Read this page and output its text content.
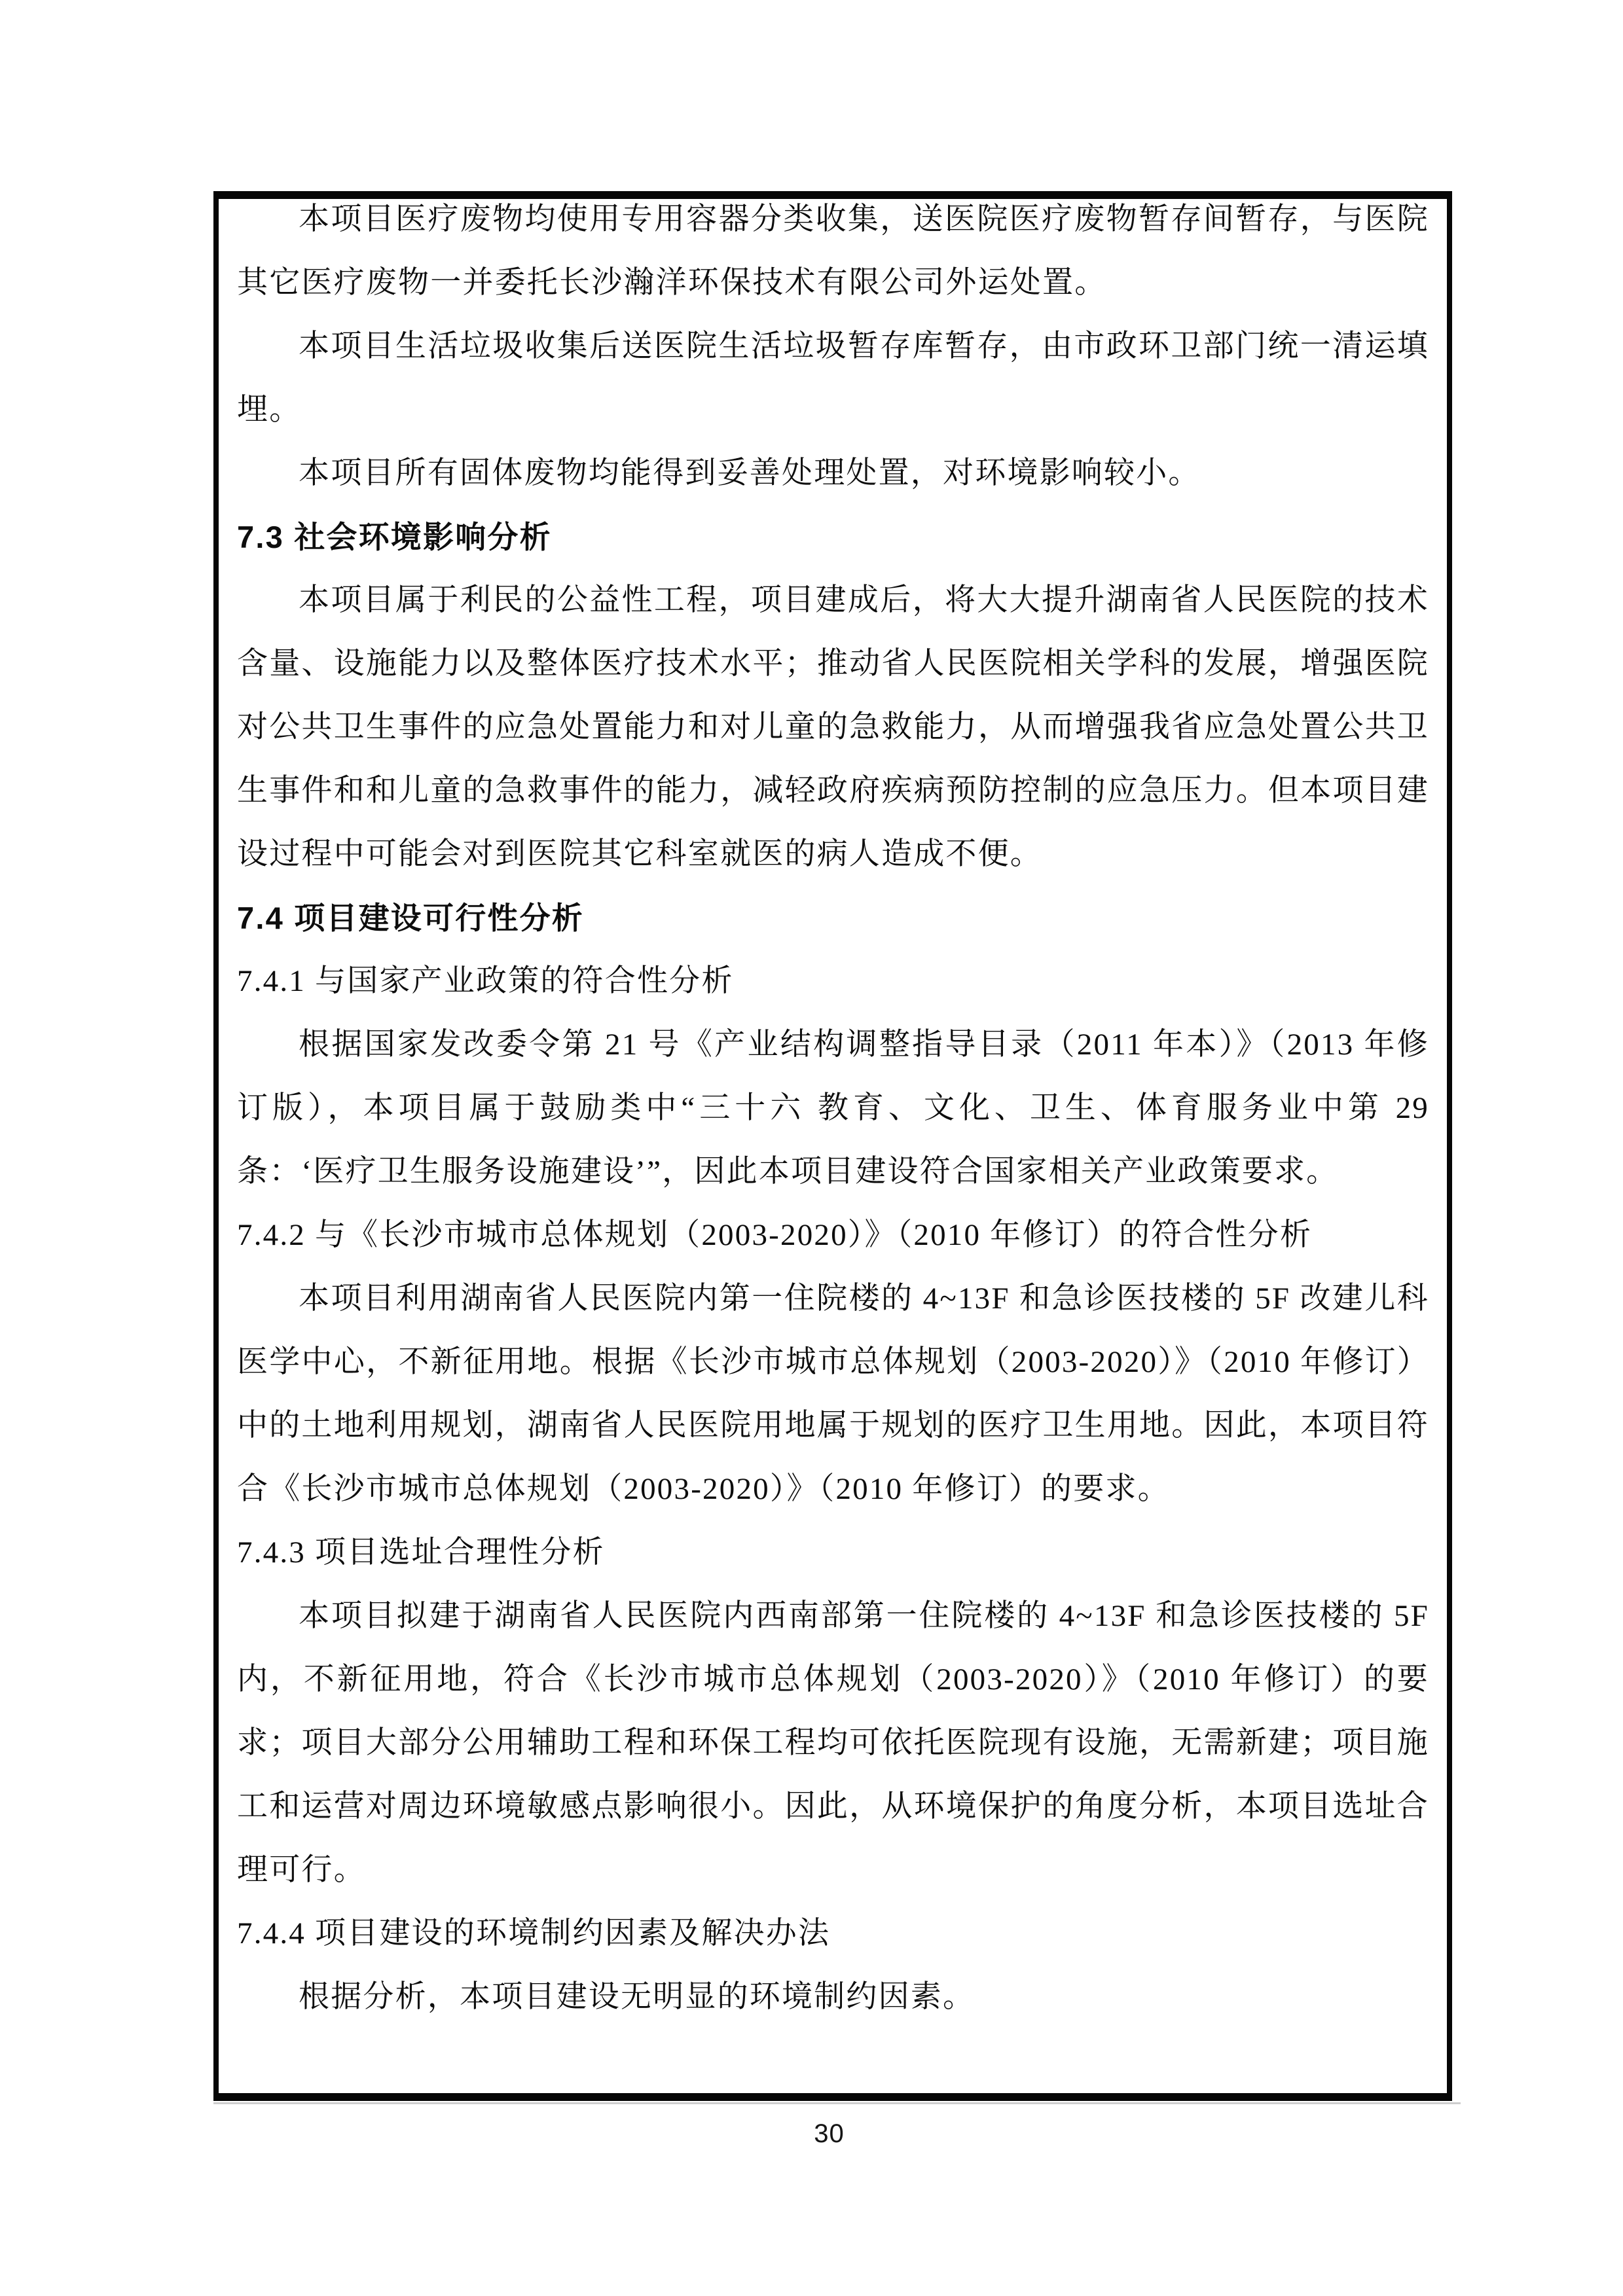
本项目医疗废物均使用专用容器分类收集，送医院医疗废物暂存间暂存，与医院其它医疗废物一并委托长沙瀚洋环保技术有限公司外运处置。
本项目生活垃圾收集后送医院生活垃圾暂存库暂存，由市政环卫部门统一清运填埋。
本项目所有固体废物均能得到妥善处理处置，对环境影响较小。
7.3 社会环境影响分析
本项目属于利民的公益性工程，项目建成后，将大大提升湖南省人民医院的技术含量、设施能力以及整体医疗技术水平；推动省人民医院相关学科的发展，增强医院对公共卫生事件的应急处置能力和对儿童的急救能力，从而增强我省应急处置公共卫生事件和和儿童的急救事件的能力，减轻政府疾病预防控制的应急压力。但本项目建设过程中可能会对到医院其它科室就医的病人造成不便。
7.4 项目建设可行性分析
7.4.1 与国家产业政策的符合性分析
根据国家发改委令第 21 号《产业结构调整指导目录（2011 年本）》（2013 年修订版），本项目属于鼓励类中“三十六 教育、文化、卫生、体育服务业中第 29 条：‘医疗卫生服务设施建设’”，因此本项目建设符合国家相关产业政策要求。
7.4.2 与《长沙市城市总体规划（2003-2020）》（2010 年修订）的符合性分析
本项目利用湖南省人民医院内第一住院楼的 4~13F 和急诊医技楼的 5F 改建儿科医学中心，不新征用地。根据《长沙市城市总体规划（2003-2020）》（2010 年修订）中的土地利用规划，湖南省人民医院用地属于规划的医疗卫生用地。因此，本项目符合《长沙市城市总体规划（2003-2020）》（2010 年修订）的要求。
7.4.3 项目选址合理性分析
本项目拟建于湖南省人民医院内西南部第一住院楼的 4~13F 和急诊医技楼的 5F 内，不新征用地，符合《长沙市城市总体规划（2003-2020）》（2010 年修订）的要求；项目大部分公用辅助工程和环保工程均可依托医院现有设施，无需新建；项目施工和运营对周边环境敏感点影响很小。因此，从环境保护的角度分析，本项目选址合理可行。
7.4.4 项目建设的环境制约因素及解决办法
根据分析，本项目建设无明显的环境制约因素。
30
